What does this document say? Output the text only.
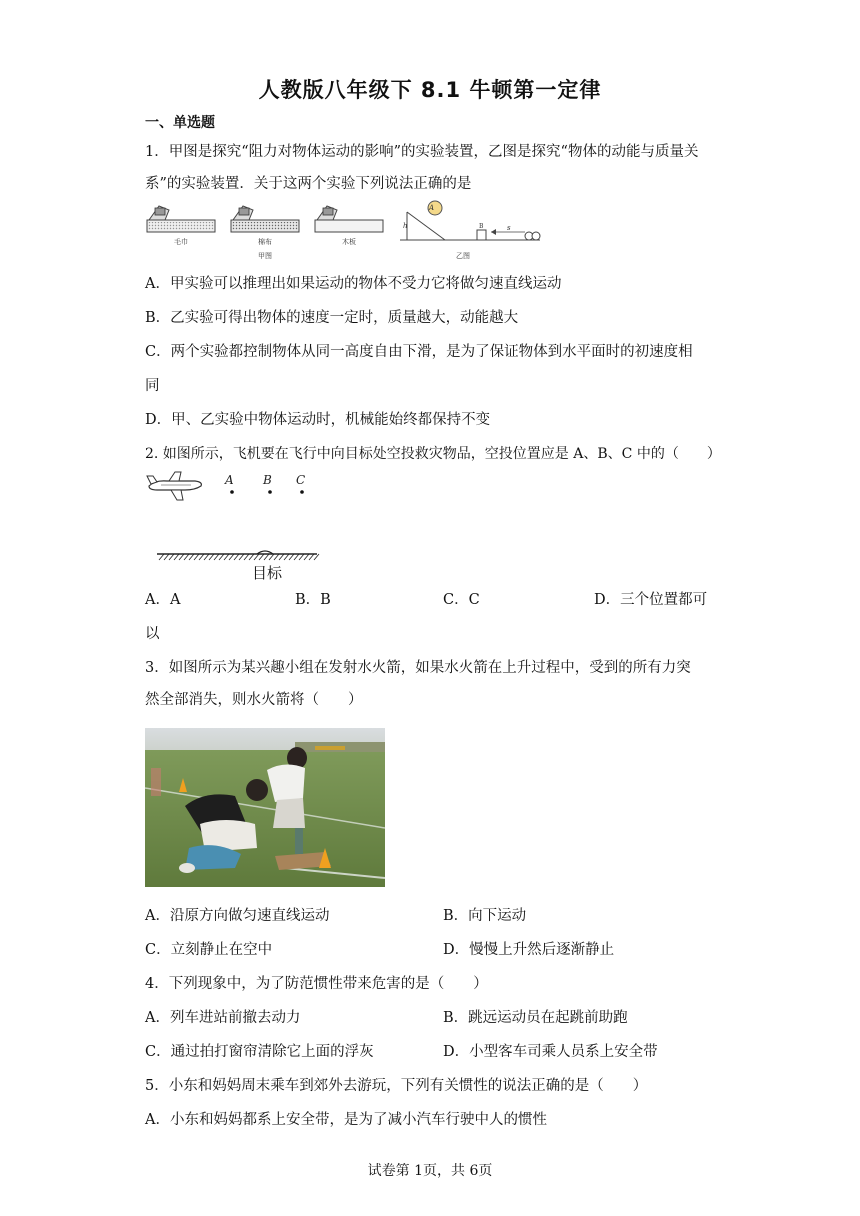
人教版八年级下 8.1 牛顿第一定律
一、单选题
1．甲图是探究“阻力对物体运动的影响”的实验装置，乙图是探究“物体的动能与质量关
系”的实验装置．关于这两个实验下列说法正确的是
毛巾	棉布	木板
甲图
A
h	B	s
乙图
A．甲实验可以推理出如果运动的物体不受力它将做匀速直线运动
B．乙实验可得出物体的速度一定时，质量越大，动能越大
C．两个实验都控制物体从同一高度自由下滑，是为了保证物体到水平面时的初速度相
同
D．甲、乙实验中物体运动时，机械能始终都保持不变
2. 如图所示，飞机要在飞行中向目标处空投救灾物品，空投位置应是 A、B、C 中的（　　）
A B C
目标
A．A	B．B	C．C	D．三个位置都可
以
3．如图所示为某兴趣小组在发射水火箭，如果水火箭在上升过程中，受到的所有力突
然全部消失，则水火箭将（　　）
A．沿原方向做匀速直线运动	B．向下运动
C．立刻静止在空中	D．慢慢上升然后逐渐静止
4．下列现象中，为了防范惯性带来危害的是（　　）
A．列车进站前撤去动力	B．跳远运动员在起跳前助跑
C．通过拍打窗帘清除它上面的浮灰	D．小型客车司乘人员系上安全带
5．小东和妈妈周末乘车到郊外去游玩，下列有关惯性的说法正确的是（　　）
A．小东和妈妈都系上安全带，是为了减小汽车行驶中人的惯性
试卷第 1页，共 6页
